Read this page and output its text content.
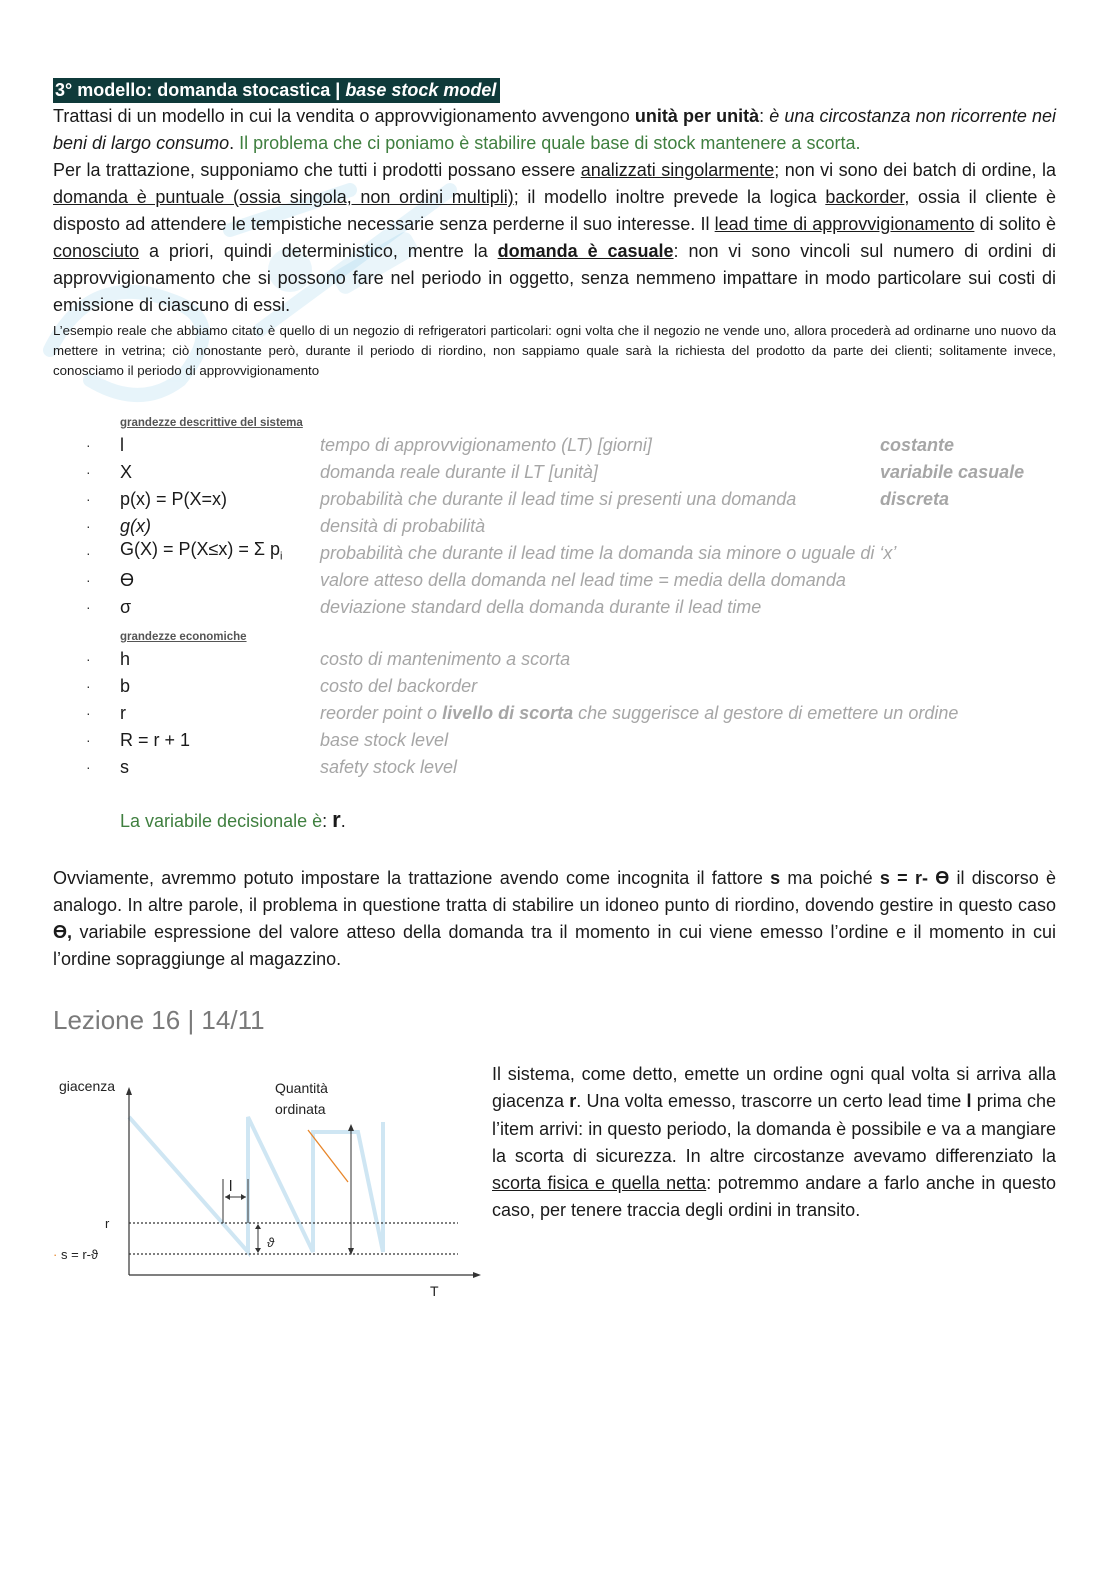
3° modello: domanda stocastica | base stock model

Trattasi di un modello in cui la vendita o approvvigionamento avvengono unità per unità: è una circostanza non ricorrente nei beni di largo consumo. Il problema che ci poniamo è stabilire quale base di stock mantenere a scorta.

Per la trattazione, supponiamo che tutti i prodotti possano essere analizzati singolarmente; non vi sono dei batch di ordine, la domanda è puntuale (ossia singola, non ordini multipli); il modello inoltre prevede la logica backorder, ossia il cliente è disposto ad attendere le tempistiche necessarie senza perderne il suo interesse. Il lead time di approvvigionamento di solito è conosciuto a priori, quindi deterministico, mentre la domanda è casuale: non vi sono vincoli sul numero di ordini di approvvigionamento che si possono fare nel periodo in oggetto, senza nemmeno impattare in modo particolare sui costi di emissione di ciascuno di essi.

L’esempio reale che abbiamo citato è quello di un negozio di refrigeratori particolari: ogni volta che il negozio ne vende uno, allora procederà ad ordinarne uno nuovo da mettere in vetrina; ciò nonostante però, durante il periodo di riordino, non sappiamo quale sarà la richiesta del prodotto da parte dei clienti; solitamente invece, conosciamo il periodo di approvvigionamento

grandezze descrittive del sistema
·	l	tempo di approvvigionamento (LT) [giorni]	costante
·	X	domanda reale durante il LT [unità]	variabile casuale
·	p(x) = P(X=x)	probabilità che durante il lead time si presenti una domanda	discreta
·	g(x)	densità di probabilità
·	G(X) = P(X≤x) = Σ $p_i$	probabilità che durante il lead time la domanda sia minore o uguale di ‘x’
·	ϴ	valore atteso della domanda nel lead time = media della domanda
·	σ	deviazione standard della domanda durante il lead time
grandezze economiche
·	h	costo di mantenimento a scorta
·	b	costo del backorder
·	r	reorder point o livello di scorta che suggerisce al gestore di emettere un ordine
·	R = r + 1	base stock level
·	s	safety stock level
La variabile decisionale è: r.

Ovviamente, avremmo potuto impostare la trattazione avendo come incognita il fattore s ma poiché s = r- ϴ il discorso è analogo. In altre parole, il problema in questione tratta di stabilire un idoneo punto di riordino, dovendo gestire in questo caso ϴ, variabile espressione del valore atteso della domanda tra il momento in cui viene emesso l’ordine e il momento in cui l’ordine sopraggiunge al magazzino.

Lezione 16 | 14/11
giacenza	Quantità
ordinata
l
r
ϑ
· s = r-ϑ
T

Il sistema, come detto, emette un ordine ogni qual volta si arriva alla giacenza r. Una volta emesso, trascorre un certo lead time l prima che l’item arrivi: in questo periodo, la domanda è possibile e va a mangiare la scorta di sicurezza. In altre circostanze avevamo differenziato la scorta fisica e quella netta: potremmo andare a farlo anche in questo caso, per tenere traccia degli ordini in transito.
